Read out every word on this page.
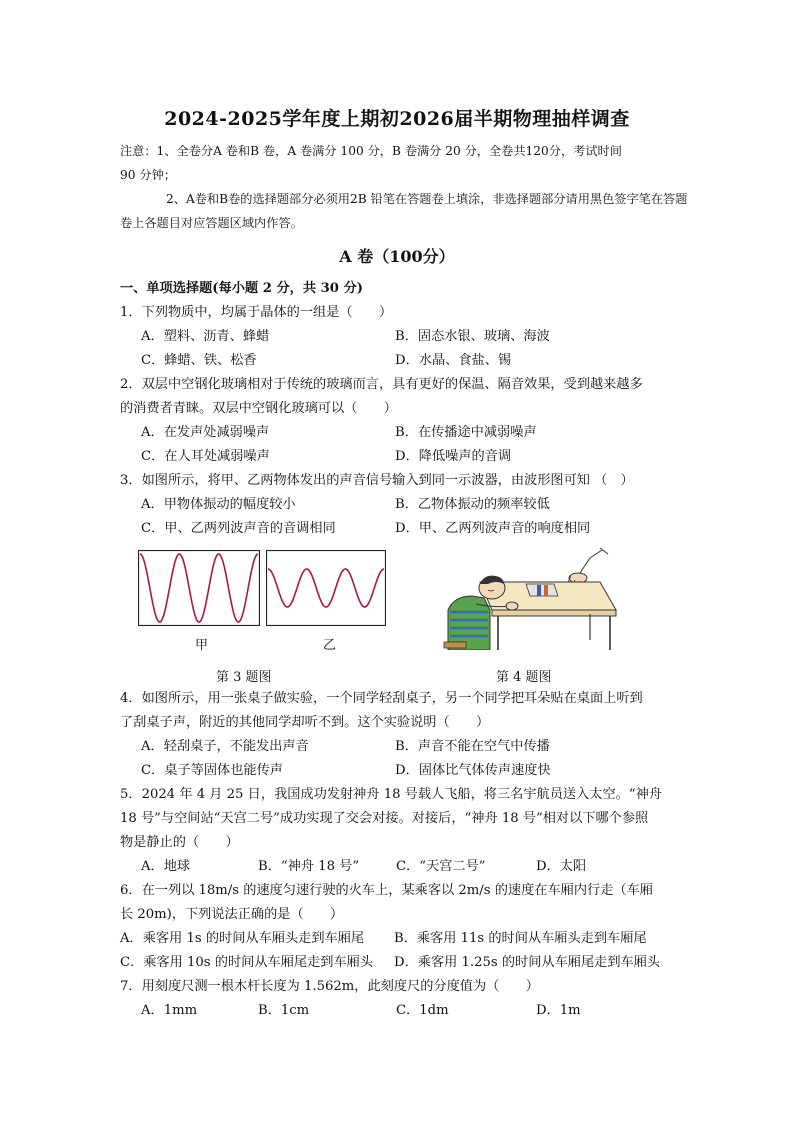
2024-2025学年度上期初2026届半期物理抽样调查
注意：1、全卷分A 卷和B 卷，A 卷满分 100 分，B 卷满分 20 分，全卷共120分，考试时间
90 分钟；
2、A卷和B卷的选择题部分必须用2B 铅笔在答题卷上填涂，非选择题部分请用黑色签字笔在答题
卷上各题目对应答题区域内作答。
A 卷（100分）
一、单项选择题(每小题 2 分，共 30 分)
1．下列物质中，均属于晶体的一组是（　　）
A．塑料、沥青、蜂蜡	B．固态水银、玻璃、海波
C．蜂蜡、铁、松香	D．水晶、食盐、锡
2．双层中空钢化玻璃相对于传统的玻璃而言，具有更好的保温、隔音效果，受到越来越多
的消费者青睐。双层中空钢化玻璃可以（　　）
A．在发声处减弱噪声	B．在传播途中减弱噪声
C．在人耳处减弱噪声	D．降低噪声的音调
3．如图所示，将甲、乙两物体发出的声音信号输入到同一示波器，由波形图可知 （　）
A．甲物体振动的幅度较小	B．乙物体振动的频率较低
C．甲、乙两列波声音的音调相同	D．甲、乙两列波声音的响度相同
甲	乙
第 3 题图	第 4 题图
4．如图所示，用一张桌子做实验，一个同学轻刮桌子，另一个同学把耳朵贴在桌面上听到
了刮桌子声，附近的其他同学却听不到。这个实验说明（　　）
A．轻刮桌子，不能发出声音	B．声音不能在空气中传播
C．桌子等固体也能传声	D．固体比气体传声速度快
5．2024 年 4 月 25 日，我国成功发射神舟 18 号载人飞船，将三名宇航员送入太空。“神舟
18 号”与空间站“天宫二号”成功实现了交会对接。对接后，“神舟 18 号”相对以下哪个参照
物是静止的（　　）
A．地球	B．“神舟 18 号”	C．“天宫二号”	D．太阳
6．在一列以 18m/s 的速度匀速行驶的火车上，某乘客以 2m/s 的速度在车厢内行走（车厢
长 20m)，下列说法正确的是（　　）
A．乘客用 1s 的时间从车厢头走到车厢尾 B．乘客用 11s 的时间从车厢头走到车厢尾
C．乘客用 10s 的时间从车厢尾走到车厢头 D．乘客用 1.25s 的时间从车厢尾走到车厢头
7．用刻度尺测一根木杆长度为 1.562m，此刻度尺的分度值为（　　）
A．1mm	B．1cm	C．1dm	D．1m
